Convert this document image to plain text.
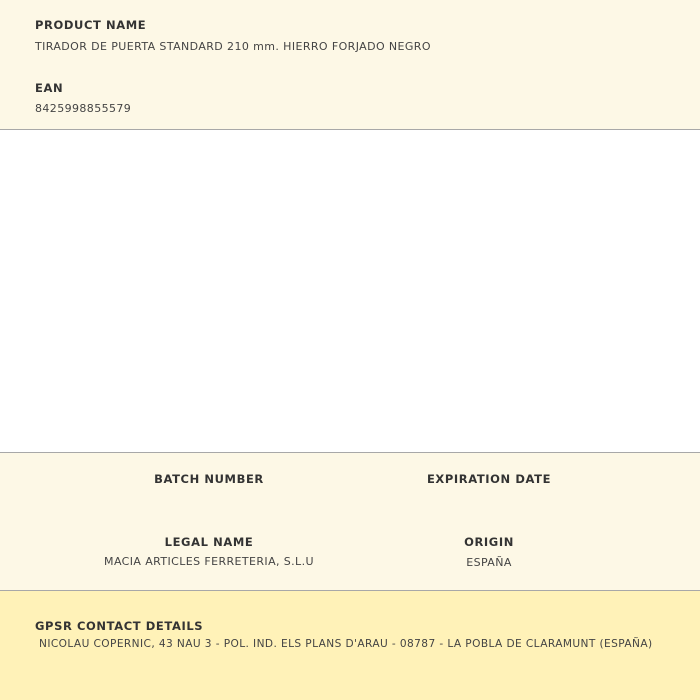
PRODUCT NAME
TIRADOR DE PUERTA STANDARD 210 mm. HIERRO FORJADO NEGRO
EAN
8425998855579
BATCH NUMBER	EXPIRATION DATE
LEGAL NAME
MACIA ARTICLES FERRETERIA, S.L.U
ORIGIN
ESPAÑA
GPSR CONTACT DETAILS
NICOLAU COPERNIC, 43 NAU 3 - POL. IND. ELS PLANS D'ARAU - 08787 - LA POBLA DE CLARAMUNT (ESPAÑA)
